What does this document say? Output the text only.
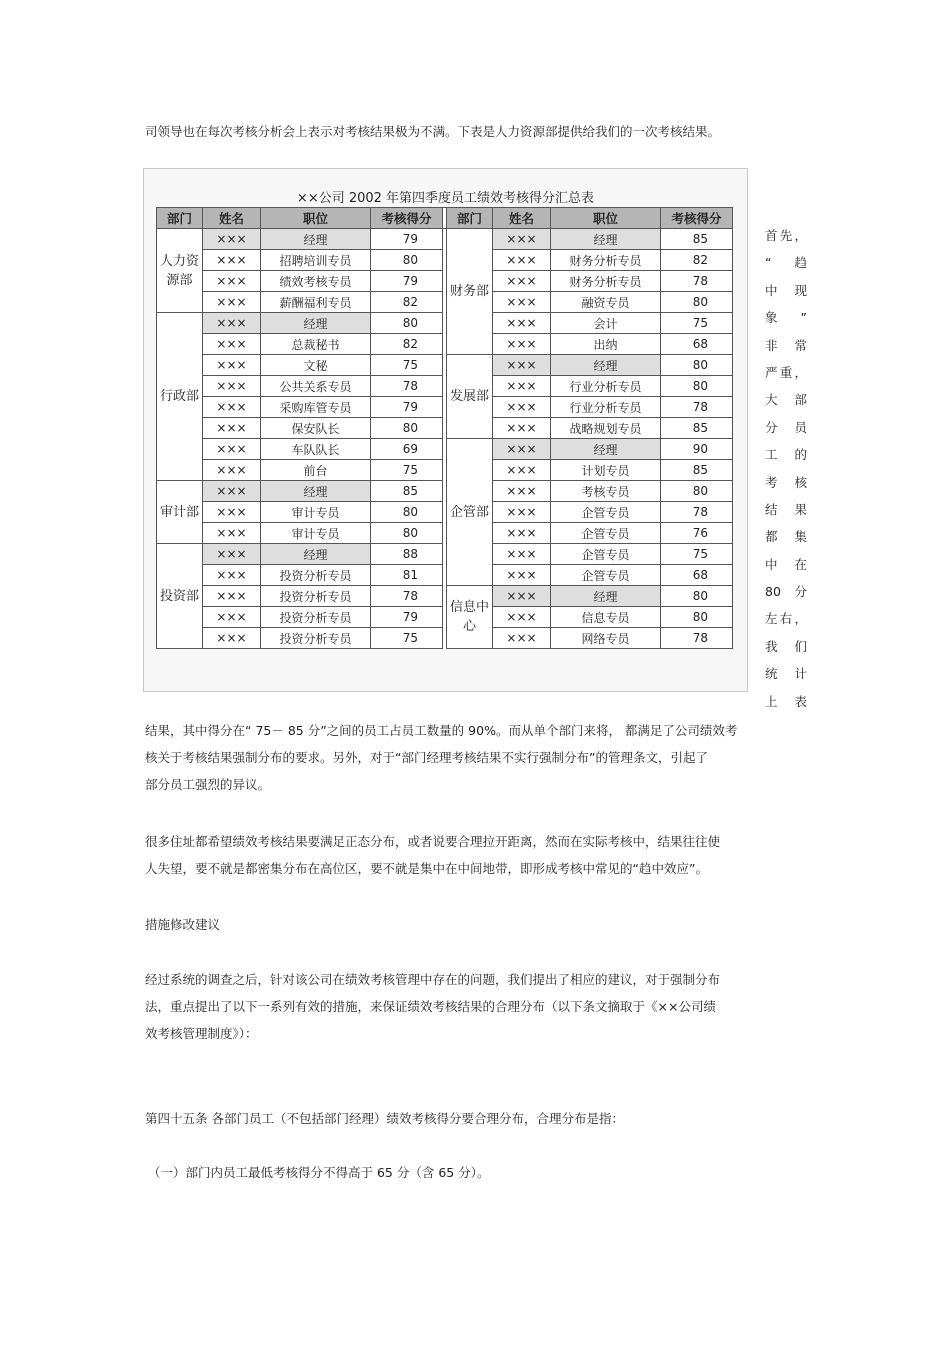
司领导也在每次考核分析会上表示对考核结果极为不满。下表是人力资源部提供给我们的一次考核结果。
××公司 2002 年第四季度员工绩效考核得分汇总表
部门	姓名	职位	考核得分		部门	姓名	职位	考核得分
人力资源部	×××	经理	79		财务部	×××	经理	85
	×××	招聘培训专员	80			×××	财务分析专员	82
	×××	绩效考核专员	79			×××	财务分析专员	78
	×××	薪酬福利专员	82			×××	融资专员	80
行政部	×××	经理	80			×××	会计	75
	×××	总裁秘书	82			×××	出纳	68
	×××	文秘	75		发展部	×××	经理	80
	×××	公共关系专员	78			×××	行业分析专员	80
	×××	采购库管专员	79			×××	行业分析专员	78
	×××	保安队长	80			×××	战略规划专员	85
	×××	车队队长	69		企管部	×××	经理	90
	×××	前台	75			×××	计划专员	85
审计部	×××	经理	85			×××	考核专员	80
	×××	审计专员	80			×××	企管专员	78
	×××	审计专员	80			×××	企管专员	76
投资部	×××	经理	88			×××	企管专员	75
	×××	投资分析专员	81			×××	企管专员	68
	×××	投资分析专员	78		信息中心	×××	经理	80
	×××	投资分析专员	79			×××	信息专员	80
	×××	投资分析专员	75			×××	网络专员	78
首先，
“ 趋
中 现
象 ”
非 常
严重，
大 部
分 员
工 的
考 核
结 果
都 集
中 在
80 分
左右，
我 们
统 计
上 表
结果，其中得分在“ 75－ 85 分”之间的员工占员工数量的 90%。而从单个部门来将， 都满足了公司绩效考
核关于考核结果强制分布的要求。另外，对于“部门经理考核结果不实行强制分布”的管理条文，引起了
部分员工强烈的异议。
很多住址都希望绩效考核结果要满足正态分布，或者说要合理拉开距离，然而在实际考核中，结果往往使
人失望，要不就是都密集分布在高位区，要不就是集中在中间地带，即形成考核中常见的“趋中效应”。
措施修改建议
经过系统的调查之后，针对该公司在绩效考核管理中存在的问题，我们提出了相应的建议，对于强制分布
法，重点提出了以下一系列有效的措施，来保证绩效考核结果的合理分布（以下条文摘取于《××公司绩
效考核管理制度》）：
第四十五条 各部门员工（不包括部门经理）绩效考核得分要合理分布，合理分布是指：
（一）部门内员工最低考核得分不得高于 65 分（含 65 分）。
